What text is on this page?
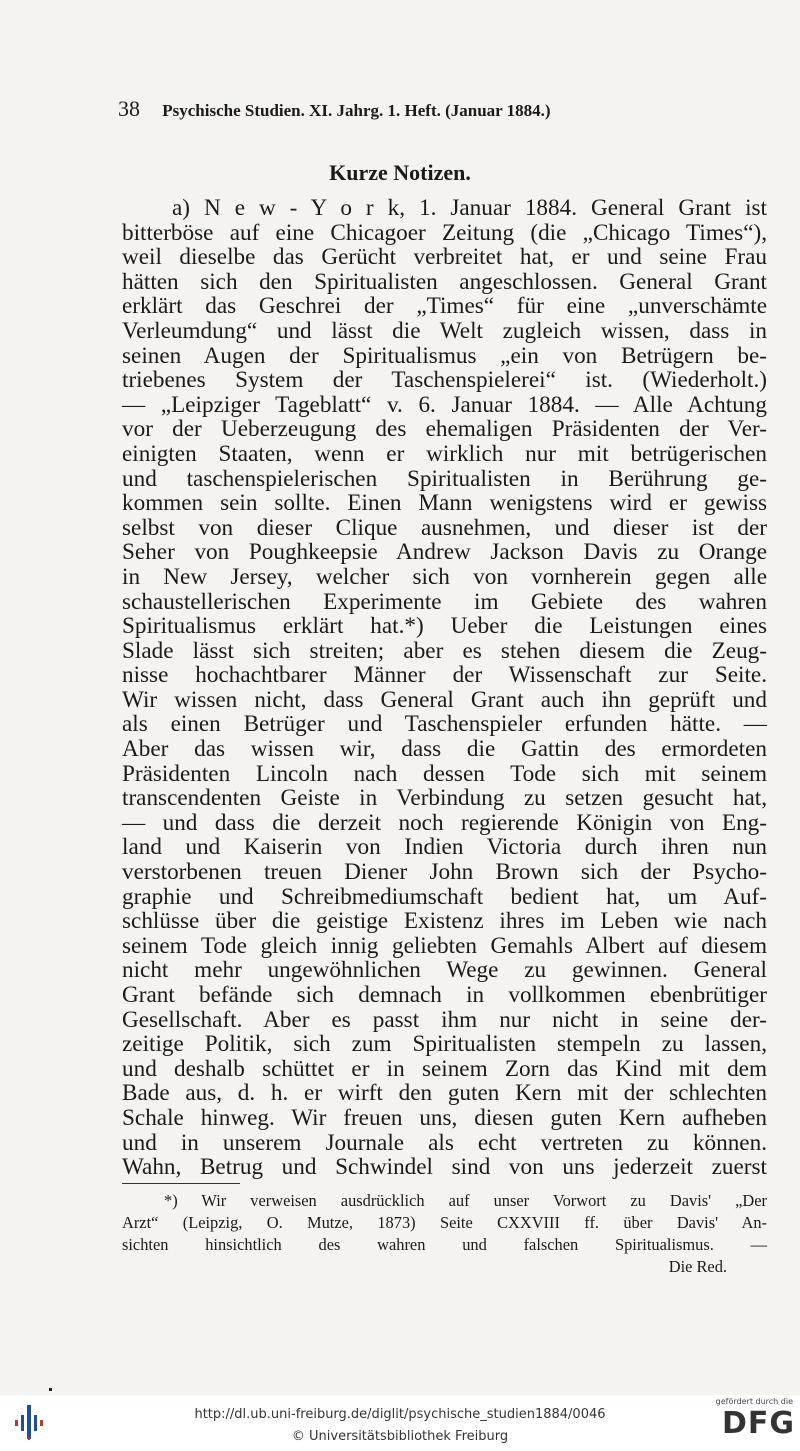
38 Psychische Studien. XI. Jahrg. 1. Heft. (Januar 1884.)
Kurze Notizen.
a) N e w - Y o r k, 1. Januar 1884. General Grant ist
bitterböse auf eine Chicagoer Zeitung (die „Chicago Times“),
weil dieselbe das Gerücht verbreitet hat, er und seine Frau
hätten sich den Spiritualisten angeschlossen. General Grant
erklärt das Geschrei der „Times“ für eine „unverschämte
Verleumdung“ und lässt die Welt zugleich wissen, dass in
seinen Augen der Spiritualismus „ein von Betrügern be-
triebenes System der Taschenspielerei“ ist. (Wiederholt.)
— „Leipziger Tageblatt“ v. 6. Januar 1884. — Alle Achtung
vor der Ueberzeugung des ehemaligen Präsidenten der Ver-
einigten Staaten, wenn er wirklich nur mit betrügerischen
und taschenspielerischen Spiritualisten in Berührung ge-
kommen sein sollte. Einen Mann wenigstens wird er gewiss
selbst von dieser Clique ausnehmen, und dieser ist der
Seher von Poughkeepsie Andrew Jackson Davis zu Orange
in New Jersey, welcher sich von vornherein gegen alle
schaustellerischen Experimente im Gebiete des wahren
Spiritualismus erklärt hat.*) Ueber die Leistungen eines
Slade lässt sich streiten; aber es stehen diesem die Zeug-
nisse hochachtbarer Männer der Wissenschaft zur Seite.
Wir wissen nicht, dass General Grant auch ihn geprüft und
als einen Betrüger und Taschenspieler erfunden hätte. —
Aber das wissen wir, dass die Gattin des ermordeten
Präsidenten Lincoln nach dessen Tode sich mit seinem
transcendenten Geiste in Verbindung zu setzen gesucht hat,
— und dass die derzeit noch regierende Königin von Eng-
land und Kaiserin von Indien Victoria durch ihren nun
verstorbenen treuen Diener John Brown sich der Psycho-
graphie und Schreibmediumschaft bedient hat, um Auf-
schlüsse über die geistige Existenz ihres im Leben wie nach
seinem Tode gleich innig geliebten Gemahls Albert auf diesem
nicht mehr ungewöhnlichen Wege zu gewinnen. General
Grant befände sich demnach in vollkommen ebenbrütiger
Gesellschaft. Aber es passt ihm nur nicht in seine der-
zeitige Politik, sich zum Spiritualisten stempeln zu lassen,
und deshalb schüttet er in seinem Zorn das Kind mit dem
Bade aus, d. h. er wirft den guten Kern mit der schlechten
Schale hinweg. Wir freuen uns, diesen guten Kern aufheben
und in unserem Journale als echt vertreten zu können.
Wahn, Betrug und Schwindel sind von uns jederzeit zuerst
*) Wir verweisen ausdrücklich auf unser Vorwort zu Davis' „Der
Arzt“ (Leipzig, O. Mutze, 1873) Seite CXXVIII ff. über Davis' An-
sichten hinsichtlich des wahren und falschen Spiritualismus. —
Die Red.
http://dl.ub.uni-freiburg.de/diglit/psychische_studien1884/0046
© Universitätsbibliothek Freiburg
gefördert durch die
DFG
